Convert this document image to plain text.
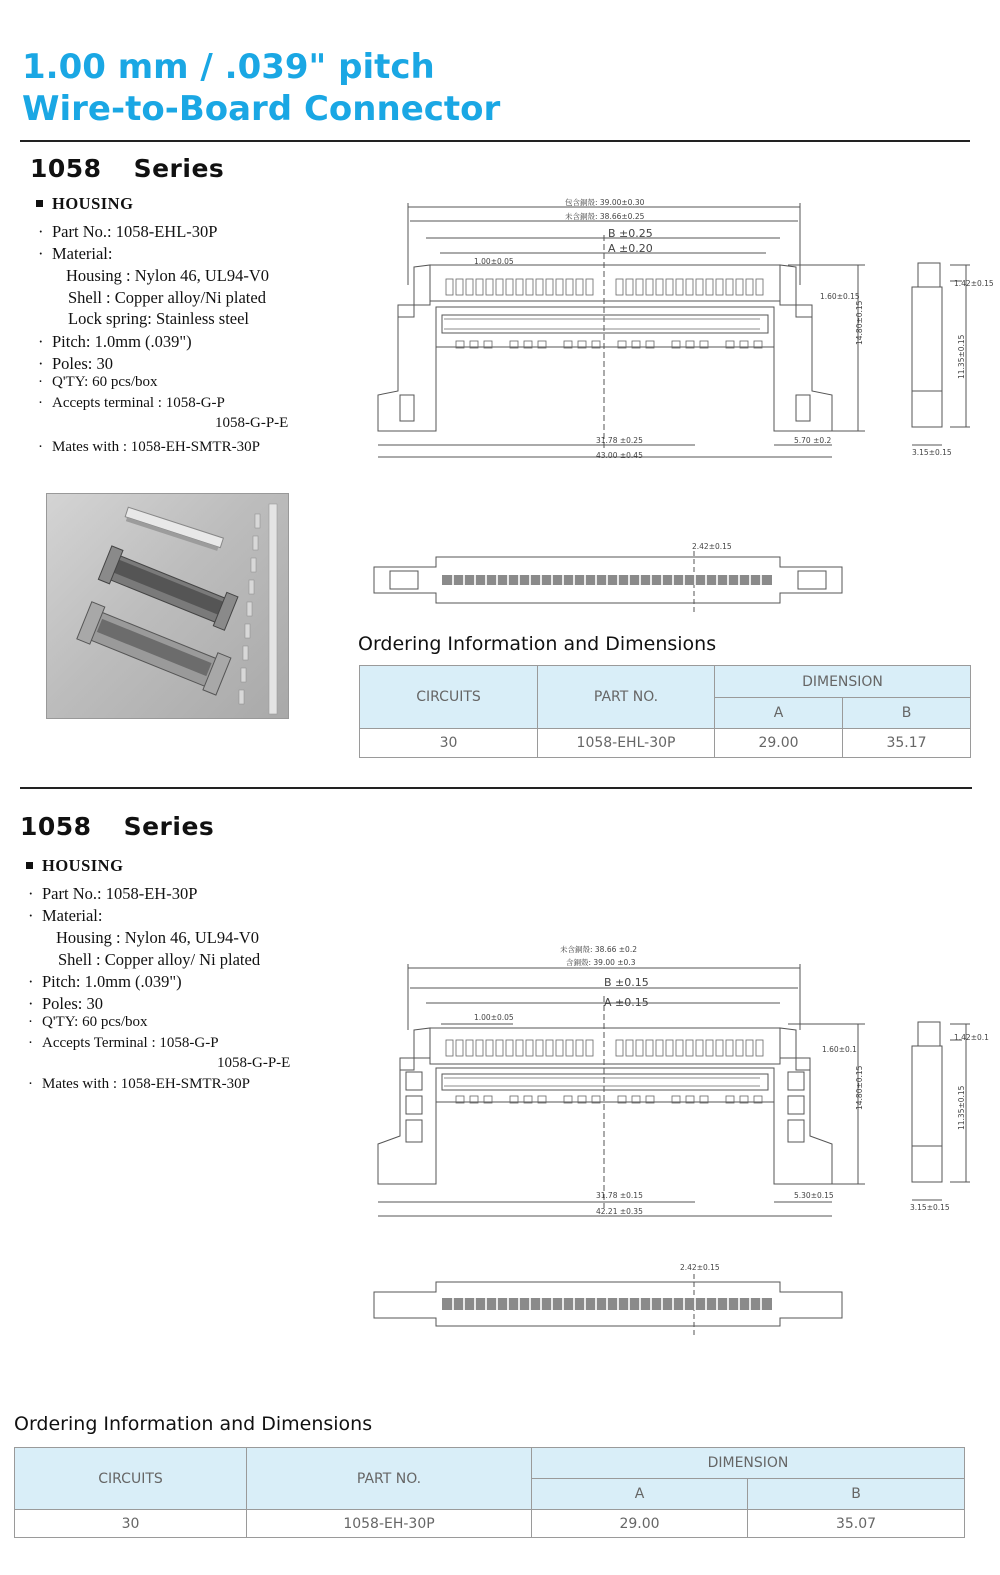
1.00 mm / .039" pitch
Wire-to-Board Connector
1058 Series
HOUSING
· Part No.: 1058-EHL-30P
· Material:
Housing : Nylon 46, UL94-V0
Shell : Copper alloy/Ni plated
Lock spring: Stainless steel
· Pitch: 1.0mm (.039")
· Poles: 30
· Q'TY: 60 pcs/box
· Accepts terminal : 1058-G-P
1058-G-P-E
· Mates with : 1058-EH-SMTR-30P
包含銅殼: 39.00±0.30
未含銅殼: 38.66±0.25
B ±0.25
A ±0.20
1.00±0.05
1.60±0.15
14.80±0.15
31.78 ±0.25	5.70 ±0.2
43.00 ±0.45
1.42±0.15
11.35±0.15
3.15±0.15
2.42±0.15
Ordering Information and Dimensions
CIRCUITS	PART NO.	DIMENSION	
		A	B
30	1058-EHL-30P	29.00	35.17
1058 Series
HOUSING
· Part No.: 1058-EH-30P
· Material:
Housing : Nylon 46, UL94-V0
Shell : Copper alloy/ Ni plated
· Pitch: 1.0mm (.039")
· Poles: 30
· Q'TY: 60 pcs/box
· Accepts Terminal : 1058-G-P
1058-G-P-E
· Mates with : 1058-EH-SMTR-30P
未含銅殼: 38.66 ±0.2
含銅殼: 39.00 ±0.3
B ±0.15
A ±0.15
1.00±0.05
1.60±0.1
14.80±0.15
31.78 ±0.15	5.30±0.15
42.21 ±0.35
1.42±0.1
11.35±0.15
3.15±0.15
2.42±0.15
Ordering Information and Dimensions
CIRCUITS	PART NO.	DIMENSION	
		A	B
30	1058-EH-30P	29.00	35.07
